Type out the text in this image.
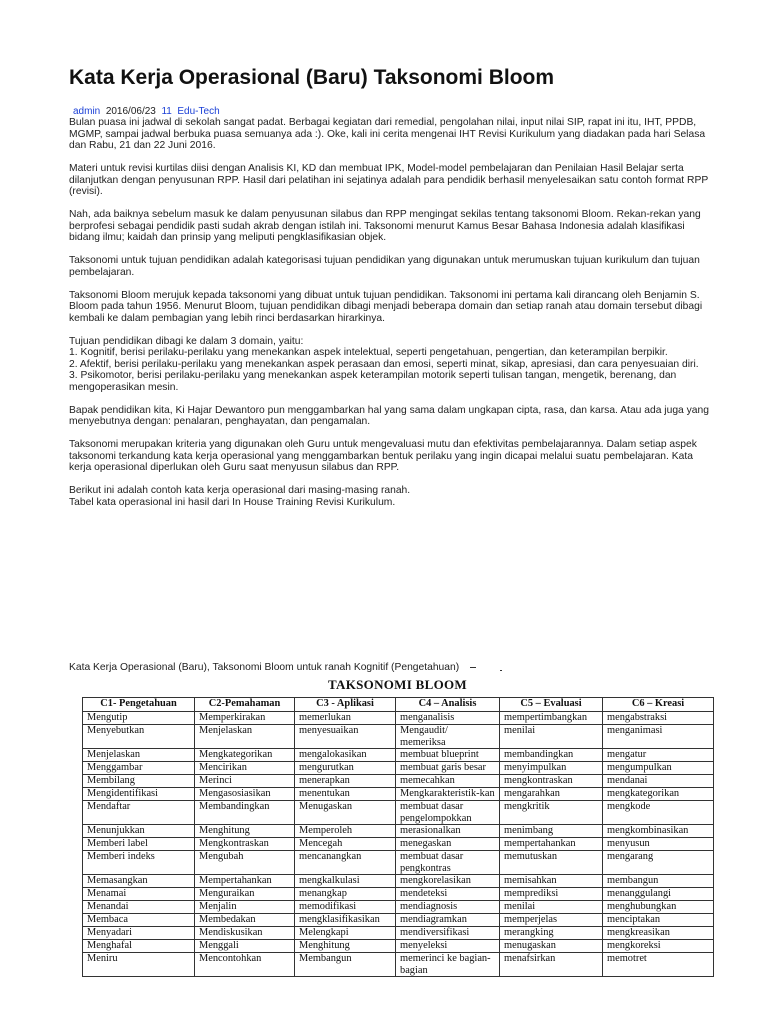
Kata Kerja Operasional (Baru) Taksonomi Bloom
admin 2016/06/23 11 Edu-Tech

Bulan puasa ini jadwal di sekolah sangat padat. Berbagai kegiatan dari remedial, pengolahan nilai, input nilai SIP, rapat ini itu, IHT, PPDB, MGMP, sampai jadwal berbuka puasa semuanya ada :). Oke, kali ini cerita mengenai IHT Revisi Kurikulum yang diadakan pada hari Selasa dan Rabu, 21 dan 22 Juni 2016.

Materi untuk revisi kurtilas diisi dengan Analisis KI, KD dan membuat IPK, Model-model pembelajaran dan Penilaian Hasil Belajar serta dilanjutkan dengan penyusunan RPP. Hasil dari pelatihan ini sejatinya adalah para pendidik berhasil menyelesaikan satu contoh format RPP (revisi).

Nah, ada baiknya sebelum masuk ke dalam penyusunan silabus dan RPP mengingat sekilas tentang taksonomi Bloom. Rekan-rekan yang berprofesi sebagai pendidik pasti sudah akrab dengan istilah ini. Taksonomi menurut Kamus Besar Bahasa Indonesia adalah klasifikasi bidang ilmu; kaidah dan prinsip yang meliputi pengklasifikasian objek.

Taksonomi untuk tujuan pendidikan adalah kategorisasi tujuan pendidikan yang digunakan untuk merumuskan tujuan kurikulum dan tujuan pembelajaran.

Taksonomi Bloom merujuk kepada taksonomi yang dibuat untuk tujuan pendidikan. Taksonomi ini pertama kali dirancang oleh Benjamin S. Bloom pada tahun 1956. Menurut Bloom, tujuan pendidikan dibagi menjadi beberapa domain dan setiap ranah atau domain tersebut dibagi kembali ke dalam pembagian yang lebih rinci berdasarkan hirarkinya.

Tujuan pendidikan dibagi ke dalam 3 domain, yaitu:
1. Kognitif, berisi perilaku-perilaku yang menekankan aspek intelektual, seperti pengetahuan, pengertian, dan keterampilan berpikir.
2. Afektif, berisi perilaku-perilaku yang menekankan aspek perasaan dan emosi, seperti minat, sikap, apresiasi, dan cara penyesuaian diri.
3. Psikomotor, berisi perilaku-perilaku yang menekankan aspek keterampilan motorik seperti tulisan tangan, mengetik, berenang, dan mengoperasikan mesin.

Bapak pendidikan kita, Ki Hajar Dewantoro pun menggambarkan hal yang sama dalam ungkapan cipta, rasa, dan karsa. Atau ada juga yang menyebutnya dengan: penalaran, penghayatan, dan pengamalan.

Taksonomi merupakan kriteria yang digunakan oleh Guru untuk mengevaluasi mutu dan efektivitas pembelajarannya. Dalam setiap aspek taksonomi terkandung kata kerja operasional yang menggambarkan bentuk perilaku yang ingin dicapai melalui suatu pembelajaran. Kata kerja operasional diperlukan oleh Guru saat menyusun silabus dan RPP.

Berikut ini adalah contoh kata kerja operasional dari masing-masing ranah.
Tabel kata operasional ini hasil dari In House Training Revisi Kurikulum.

Kata Kerja Operasional (Baru), Taksonomi Bloom untuk ranah Kognitif (Pengetahuan)
TAKSONOMI BLOOM
C1- Pengetahuan	C2-Pemahaman	C3 - Aplikasi	C4 – Analisis	C5 – Evaluasi	C6 – Kreasi
Mengutip	Memperkirakan	memerlukan	menganalisis	mempertimbangkan	mengabstraksi
Menyebutkan	Menjelaskan	menyesuaikan	Mengaudit/ memeriksa	menilai	menganimasi
Menjelaskan	Mengkategorikan	mengalokasikan	membuat blueprint	membandingkan	mengatur
Menggambar	Mencirikan	mengurutkan	membuat garis besar	menyimpulkan	mengumpulkan
Membilang	Merinci	menerapkan	memecahkan	mengkontraskan	mendanai
Mengidentifikasi	Mengasosiasikan	menentukan	Mengkarakteristik-kan	mengarahkan	mengkategorikan
Mendaftar	Membandingkan	Menugaskan	membuat dasar pengelompokkan	mengkritik	mengkode
Menunjukkan	Menghitung	Memperoleh	merasionalkan	menimbang	mengkombinasikan
Memberi label	Mengkontraskan	Mencegah	menegaskan	mempertahankan	menyusun
Memberi indeks	Mengubah	mencanangkan	membuat dasar pengkontras	memutuskan	mengarang
Memasangkan	Mempertahankan	mengkalkulasi	mengkorelasikan	memisahkan	membangun
Menamai	Menguraikan	menangkap	mendeteksi	memprediksi	menanggulangi
Menandai	Menjalin	memodifikasi	mendiagnosis	menilai	menghubungkan
Membaca	Membedakan	mengklasifikasikan	mendiagramkan	memperjelas	menciptakan
Menyadari	Mendiskusikan	Melengkapi	mendiversifikasi	merangking	mengkreasikan
Menghafal	Menggali	Menghitung	menyeleksi	menugaskan	mengkoreksi
Meniru	Mencontohkan	Membangun	memerinci ke bagian-bagian	menafsirkan	memotret
